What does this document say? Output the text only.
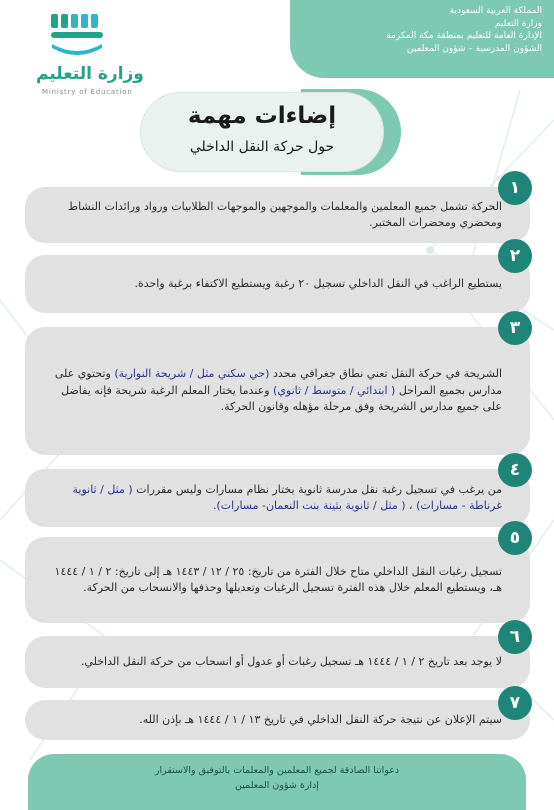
المملكة العربية السعودية
وزارة التعليم
الإدارة العامة للتعليم بمنطقة مكة المكرمة
الشؤون المدرسية – شؤون المعلمين
وزارة التعليم
Ministry of Education
إضاءات مهمة
حول حركة النقل الداخلي
الحركة تشمل جميع المعلمين والمعلمات والموجهين والموجهات الطلابيات ورواد ورائدات النشاط ومحضري ومحضرات المختبر.
١
يستطيع الراغب في النقل الداخلي تسجيل ٢٠ رغبة ويستطيع الاكتفاء برغبة واحدة.
٢
الشريحة في حركة النقل تعني نطاق جغرافي محدد (حي سكني مثل / شريحة النوارية) وتحتوي على مدارس بجميع المراحل ( ابتدائي / متوسط / ثانوي) وعندما يختار المعلم الرغبة شريحة فإنه يفاضل على جميع مدارس الشريحة وفق مرحلة مؤهله وقانون الحركة.
٣
من يرغب في تسجيل رغبة نقل مدرسة ثانوية يختار نظام مسارات وليس مقررات ( مثل / ثانوية غرناطة - مسارات) ، ( مثل / ثانوية بثينة بنت النعمان- مسارات).
٤
تسجيل رغبات النقل الداخلي متاح خلال الفترة من تاريخ: ٢٥ / ١٢ / ١٤٤٣ هـ إلى تاريخ: ٢ / ١ / ١٤٤٤ هـ، ويستطيع المعلم خلال هذه الفترة تسجيل الرغبات وتعديلها وحذفها والانسحاب من الحركة.
٥
لا يوجد بعد تاريخ ٢ / ١ / ١٤٤٤ هـ تسجيل رغبات أو عدول أو انسحاب من حركة النقل الداخلي.
٦
سيتم الإعلان عن نتيجة حركة النقل الداخلي في تاريخ ١٣ / ١ / ١٤٤٤ هـ بإذن الله.
٧
دعواتنا الصادقة لجميع المعلمين والمعلمات بالتوفيق والاستقرار
إدارة شؤون المعلمين
